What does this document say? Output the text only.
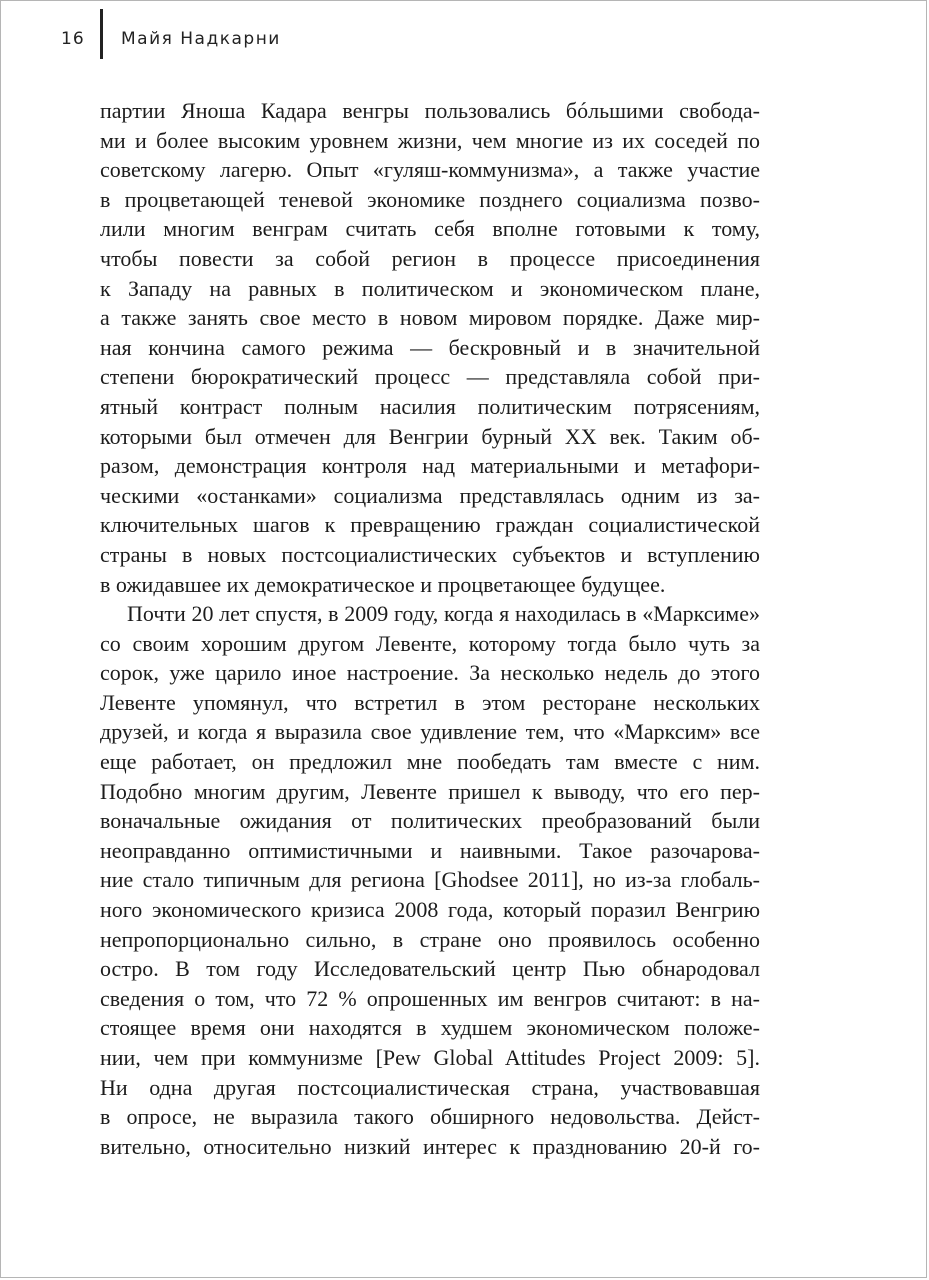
16 Майя Надкарни
партии Яноша Кадара венгры пользовались бóльшими свобода-
ми и более высоким уровнем жизни, чем многие из их соседей по
советскому лагерю. Опыт «гуляш-коммунизма», а также участие
в процветающей теневой экономике позднего социализма позво-
лили многим венграм считать себя вполне готовыми к тому,
чтобы повести за собой регион в процессе присоединения
к Западу на равных в политическом и экономическом плане,
а также занять свое место в новом мировом порядке. Даже мир-
ная кончина самого режима — бескровный и в значительной
степени бюрократический процесс — представляла собой при-
ятный контраст полным насилия политическим потрясениям,
которыми был отмечен для Венгрии бурный XX век. Таким об-
разом, демонстрация контроля над материальными и метафори-
ческими «останками» социализма представлялась одним из за-
ключительных шагов к превращению граждан социалистической
страны в новых постсоциалистических субъектов и вступлению
в ожидавшее их демократическое и процветающее будущее.
Почти 20 лет спустя, в 2009 году, когда я находилась в «Марксиме»
со своим хорошим другом Левенте, которому тогда было чуть за
сорок, уже царило иное настроение. За несколько недель до этого
Левенте упомянул, что встретил в этом ресторане нескольких
друзей, и когда я выразила свое удивление тем, что «Марксим» все
еще работает, он предложил мне пообедать там вместе с ним.
Подобно многим другим, Левенте пришел к выводу, что его пер-
воначальные ожидания от политических преобразований были
неоправданно оптимистичными и наивными. Такое разочарова-
ние стало типичным для региона [Ghodsee 2011], но из-за глобаль-
ного экономического кризиса 2008 года, который поразил Венгрию
непропорционально сильно, в стране оно проявилось особенно
остро. В том году Исследовательский центр Пью обнародовал
сведения о том, что 72 % опрошенных им венгров считают: в на-
стоящее время они находятся в худшем экономическом положе-
нии, чем при коммунизме [Pew Global Attitudes Project 2009: 5].
Ни одна другая постсоциалистическая страна, участвовавшая
в опросе, не выразила такого обширного недовольства. Дейст-
вительно, относительно низкий интерес к празднованию 20-й го-
